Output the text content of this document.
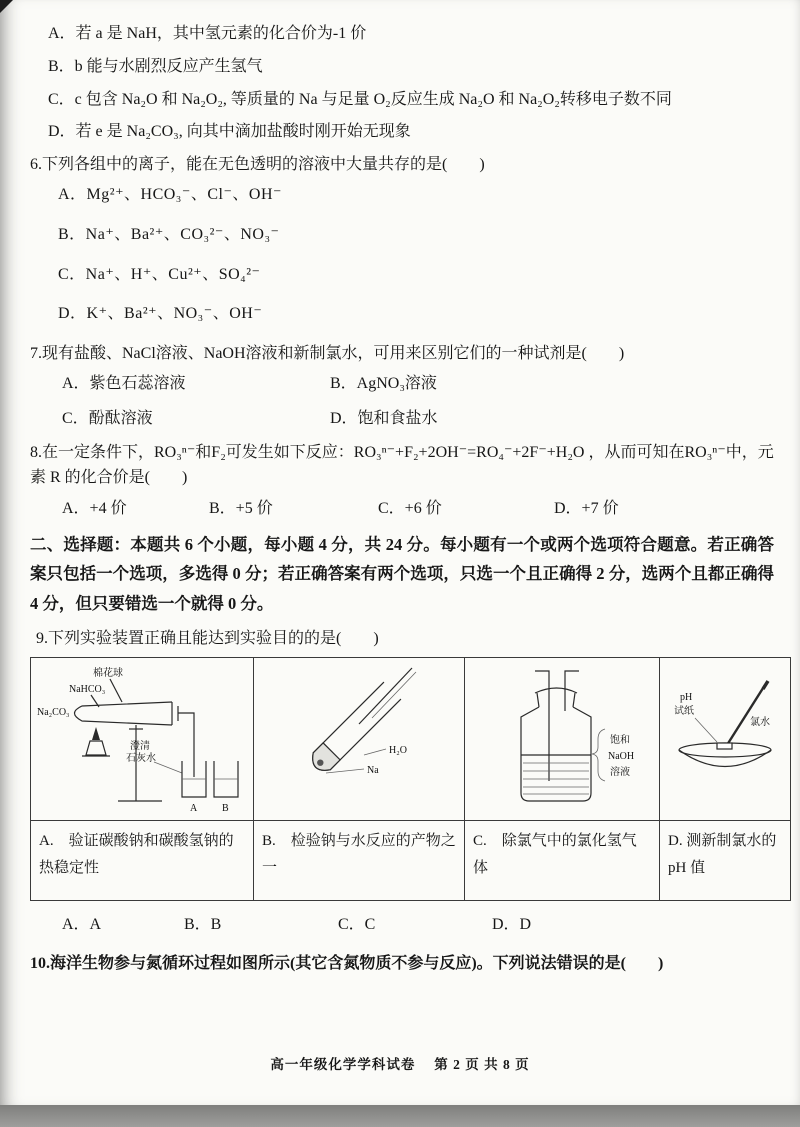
A．若 a 是 NaH，其中氢元素的化合价为-1 价
B．b 能与水剧烈反应产生氢气
C．c 包含 Na₂O 和 Na₂O₂, 等质量的 Na 与足量 O₂反应生成 Na₂O 和 Na₂O₂转移电子数不同
D．若 e 是 Na₂CO₃, 向其中滴加盐酸时刚开始无现象
6.下列各组中的离子，能在无色透明的溶液中大量共存的是(　　)
A．Mg²⁺、HCO₃⁻、Cl⁻、OH⁻
B．Na⁺、Ba²⁺、CO₃²⁻、NO₃⁻
C．Na⁺、H⁺、Cu²⁺、SO₄²⁻
D．K⁺、Ba²⁺、NO₃⁻、OH⁻
7.现有盐酸、NaCl溶液、NaOH溶液和新制氯水，可用来区别它们的一种试剂是(　　)
A．紫色石蕊溶液	B．AgNO₃溶液
C．酚酞溶液	D．饱和食盐水
8.在一定条件下，RO₃ⁿ⁻和F₂可发生如下反应：RO₃ⁿ⁻+F₂+2OH⁻=RO₄⁻+2F⁻+H₂O ，从而可知在RO₃ⁿ⁻中，元素 R 的化合价是(　　)
A．+4 价	B．+5 价	C．+6 价	D．+7 价
二、选择题：本题共 6 个小题，每小题 4 分，共 24 分。每小题有一个或两个选项符合题意。若正确答案只包括一个选项，多选得 0 分；若正确答案有两个选项，只选一个且正确得 2 分，选两个且都正确得 4 分，但只要错选一个就得 0 分。
9.下列实验装置正确且能达到实验目的的是(　　)
棉花球
NaHCO₃
Na₂CO₃
澄清
石灰水
A B

H₂O
Na

饱和
NaOH
溶液

pH
试纸
氯水

A.　验证碳酸钠和碳酸氢钠的热稳定性	B.　检验钠与水反应的产物之一	C.　除氯气中的氯化氢气体	D. 测新制氯水的 pH 值
A．A	B．B	C．C	D．D
10.海洋生物参与氮循环过程如图所示(其它含氮物质不参与反应)。下列说法错误的是(　　)
高一年级化学学科试卷　 第 2 页 共 8 页
